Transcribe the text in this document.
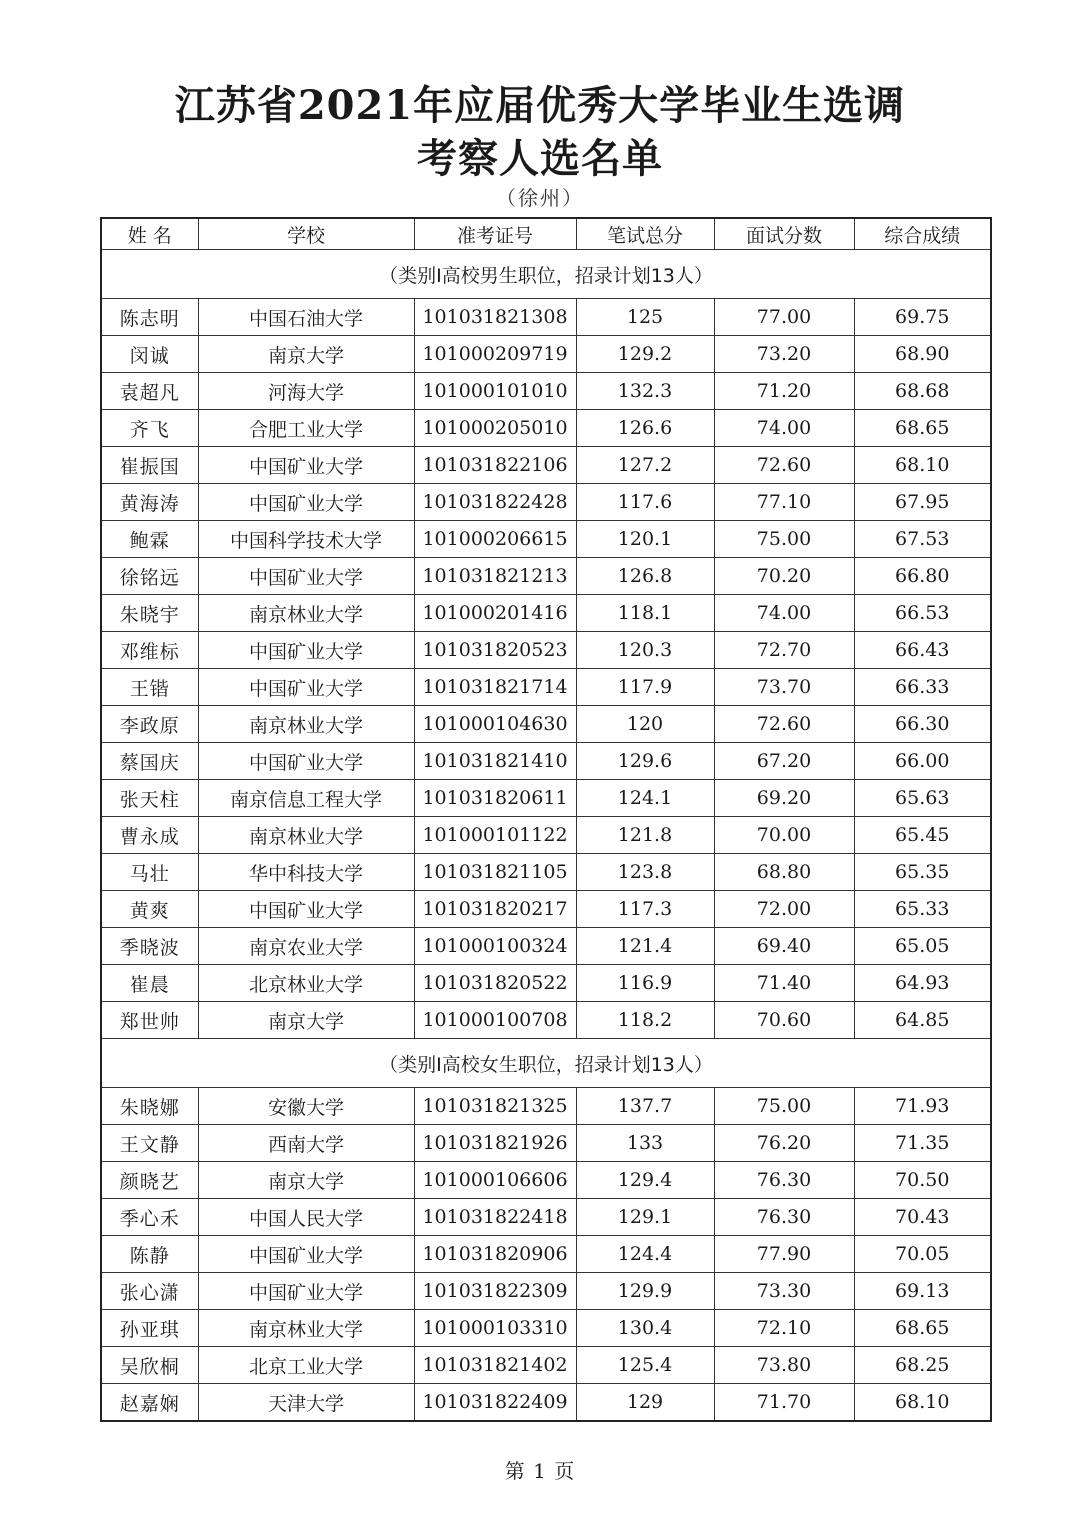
江苏省2021年应届优秀大学毕业生选调
考察人选名单
（徐州）
姓 名	学校	准考证号	笔试总分	面试分数	综合成绩
（类别I高校男生职位，招录计划13人）					
陈志明	中国石油大学	101031821308	125	77.00	69.75
闵诚	南京大学	101000209719	129.2	73.20	68.90
袁超凡	河海大学	101000101010	132.3	71.20	68.68
齐飞	合肥工业大学	101000205010	126.6	74.00	68.65
崔振国	中国矿业大学	101031822106	127.2	72.60	68.10
黄海涛	中国矿业大学	101031822428	117.6	77.10	67.95
鲍霖	中国科学技术大学	101000206615	120.1	75.00	67.53
徐铭远	中国矿业大学	101031821213	126.8	70.20	66.80
朱晓宇	南京林业大学	101000201416	118.1	74.00	66.53
邓维标	中国矿业大学	101031820523	120.3	72.70	66.43
王锴	中国矿业大学	101031821714	117.9	73.70	66.33
李政原	南京林业大学	101000104630	120	72.60	66.30
蔡国庆	中国矿业大学	101031821410	129.6	67.20	66.00
张天柱	南京信息工程大学	101031820611	124.1	69.20	65.63
曹永成	南京林业大学	101000101122	121.8	70.00	65.45
马壮	华中科技大学	101031821105	123.8	68.80	65.35
黄爽	中国矿业大学	101031820217	117.3	72.00	65.33
季晓波	南京农业大学	101000100324	121.4	69.40	65.05
崔晨	北京林业大学	101031820522	116.9	71.40	64.93
郑世帅	南京大学	101000100708	118.2	70.60	64.85
（类别I高校女生职位，招录计划13人）					
朱晓娜	安徽大学	101031821325	137.7	75.00	71.93
王文静	西南大学	101031821926	133	76.20	71.35
颜晓艺	南京大学	101000106606	129.4	76.30	70.50
季心禾	中国人民大学	101031822418	129.1	76.30	70.43
陈静	中国矿业大学	101031820906	124.4	77.90	70.05
张心潇	中国矿业大学	101031822309	129.9	73.30	69.13
孙亚琪	南京林业大学	101000103310	130.4	72.10	68.65
吴欣桐	北京工业大学	101031821402	125.4	73.80	68.25
赵嘉娴	天津大学	101031822409	129	71.70	68.10
第 1 页
